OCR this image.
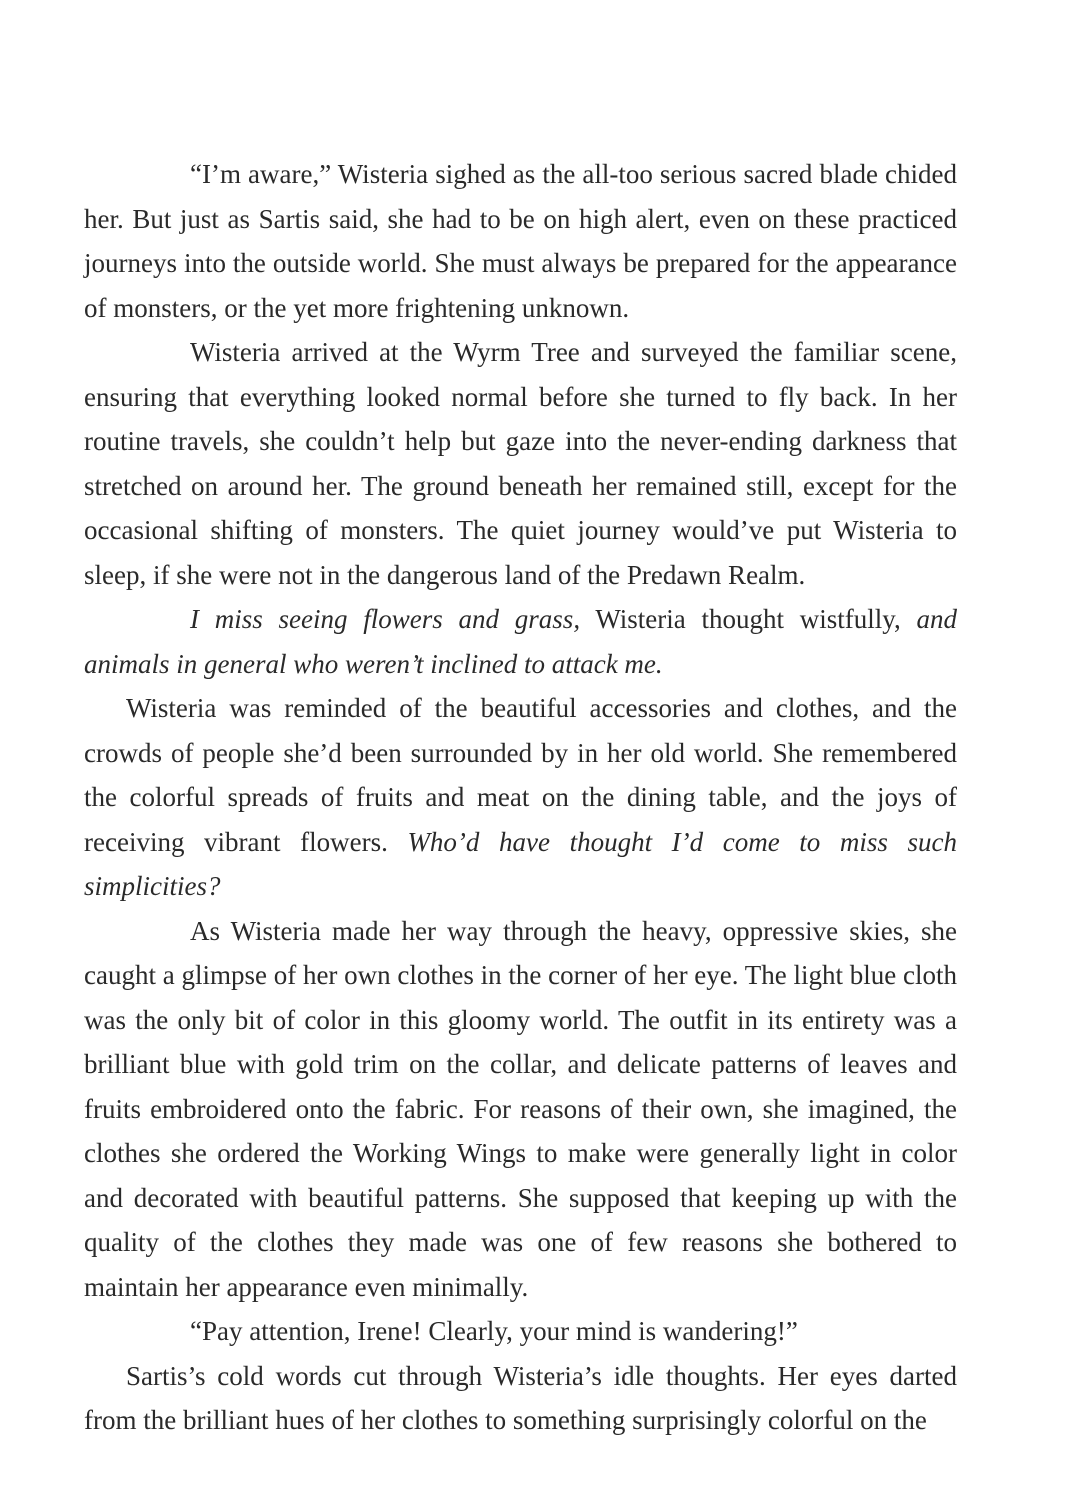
“I’m aware,” Wisteria sighed as the all-too serious sacred blade chided her. But just as Sartis said, she had to be on high alert, even on these practiced journeys into the outside world. She must always be prepared for the appearance of monsters, or the yet more frightening unknown.

Wisteria arrived at the Wyrm Tree and surveyed the familiar scene, ensuring that everything looked normal before she turned to fly back. In her routine travels, she couldn’t help but gaze into the never-ending darkness that stretched on around her. The ground beneath her remained still, except for the occasional shifting of monsters. The quiet journey would’ve put Wisteria to sleep, if she were not in the dangerous land of the Predawn Realm.

I miss seeing flowers and grass, Wisteria thought wistfully, and animals in general who weren’t inclined to attack me.

Wisteria was reminded of the beautiful accessories and clothes, and the crowds of people she’d been surrounded by in her old world. She remembered the colorful spreads of fruits and meat on the dining table, and the joys of receiving vibrant flowers. Who’d have thought I’d come to miss such simplicities?

As Wisteria made her way through the heavy, oppressive skies, she caught a glimpse of her own clothes in the corner of her eye. The light blue cloth was the only bit of color in this gloomy world. The outfit in its entirety was a brilliant blue with gold trim on the collar, and delicate patterns of leaves and fruits embroidered onto the fabric. For reasons of their own, she imagined, the clothes she ordered the Working Wings to make were generally light in color and decorated with beautiful patterns. She supposed that keeping up with the quality of the clothes they made was one of few reasons she bothered to maintain her appearance even minimally.

“Pay attention, Irene! Clearly, your mind is wandering!”

Sartis’s cold words cut through Wisteria’s idle thoughts. Her eyes darted from the brilliant hues of her clothes to something surprisingly colorful on the
